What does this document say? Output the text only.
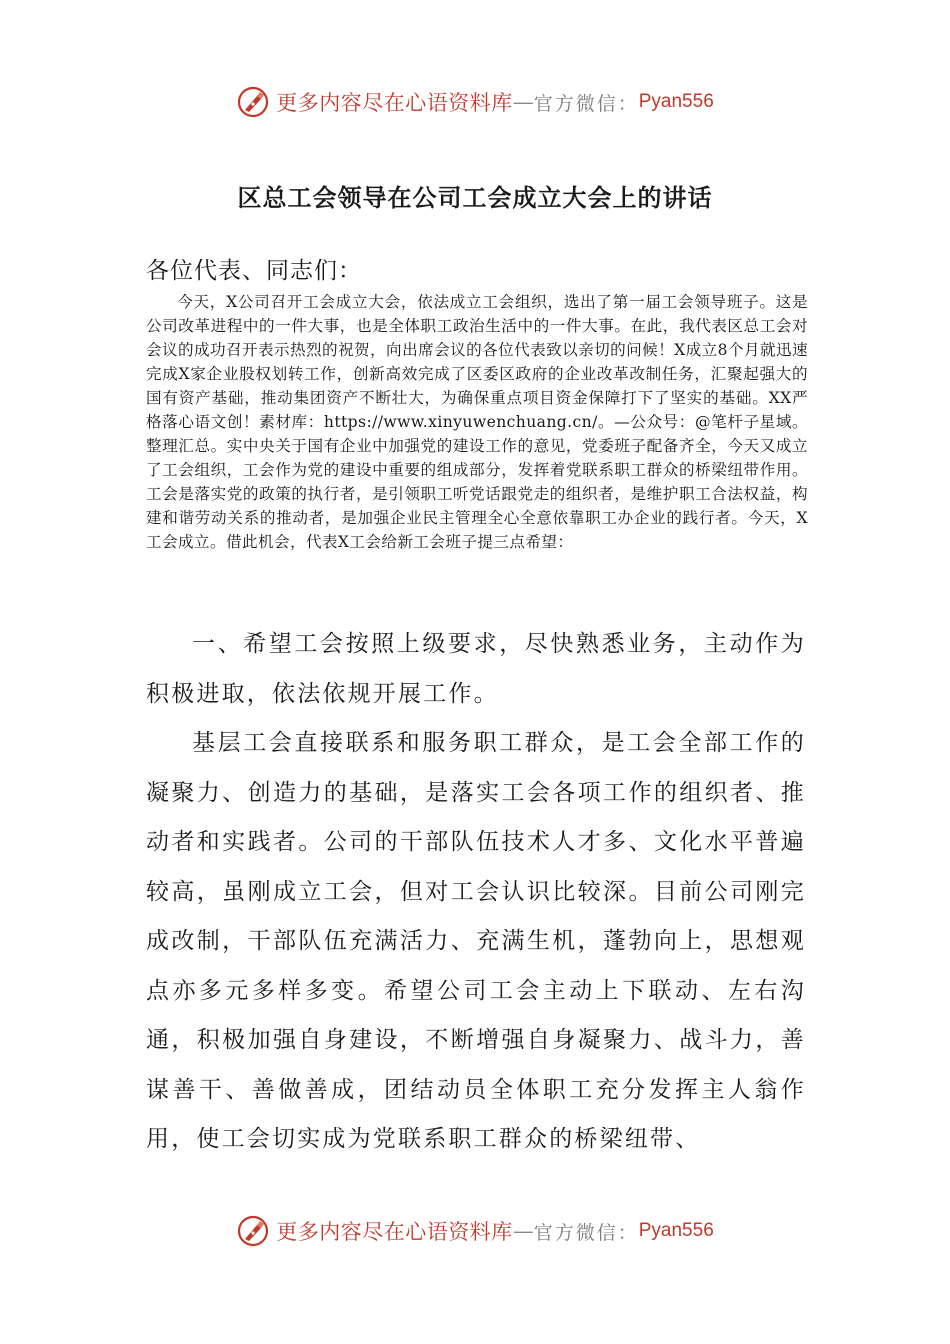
更多内容尽在心语资料库 — 官方微信： Pyan556
区总工会领导在公司工会成立大会上的讲话

各位代表、同志们：

今天，X公司召开工会成立大会，依法成立工会组织，选出了第一届工会领导班子。这是公司改革进程中的一件大事，也是全体职工政治生活中的一件大事。在此，我代表区总工会对会议的成功召开表示热烈的祝贺，向出席会议的各位代表致以亲切的问候！X成立8个月就迅速完成X家企业股权划转工作，创新高效完成了区委区政府的企业改革改制任务，汇聚起强大的国有资产基础，推动集团资产不断壮大，为确保重点项目资金保障打下了坚实的基础。XX严格落心语文创！素材库：https://www.xinyuwenchuang.cn/。—公众号：@笔杆子星域。整理汇总。实中央关于国有企业中加强党的建设工作的意见，党委班子配备齐全，今天又成立了工会组织，工会作为党的建设中重要的组成部分，发挥着党联系职工群众的桥梁纽带作用。工会是落实党的政策的执行者，是引领职工听党话跟党走的组织者，是维护职工合法权益，构建和谐劳动关系的推动者，是加强企业民主管理全心全意依靠职工办企业的践行者。今天，X工会成立。借此机会，代表X工会给新工会班子提三点希望：

一、希望工会按照上级要求，尽快熟悉业务，主动作为积极进取，依法依规开展工作。

基层工会直接联系和服务职工群众，是工会全部工作的凝聚力、创造力的基础，是落实工会各项工作的组织者、推动者和实践者。公司的干部队伍技术人才多、文化水平普遍较高，虽刚成立工会，但对工会认识比较深。目前公司刚完成改制，干部队伍充满活力、充满生机，蓬勃向上，思想观点亦多元多样多变。希望公司工会主动上下联动、左右沟通，积极加强自身建设，不断增强自身凝聚力、战斗力，善谋善干、善做善成，团结动员全体职工充分发挥主人翁作用，使工会切实成为党联系职工群众的桥梁纽带、

更多内容尽在心语资料库 — 官方微信： Pyan556
